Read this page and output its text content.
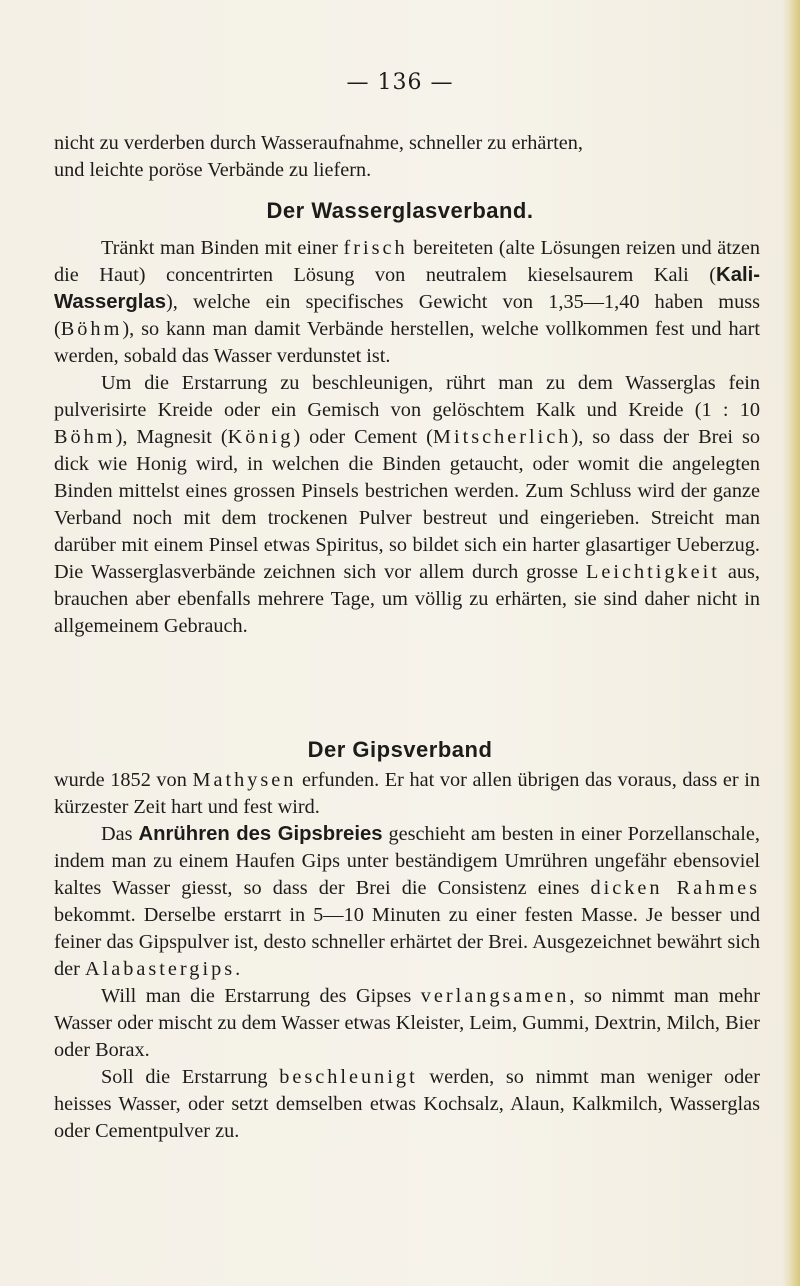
— 136 —

nicht zu verderben durch Wasseraufnahme, schneller zu erhärten,

und leichte poröse Verbände zu liefern.

Der Wasserglasverband.

Tränkt man Binden mit einer frisch bereiteten (alte Lösungen reizen und ätzen die Haut) concentrirten Lösung von neutralem kieselsaurem Kali (Kali-Wasserglas), welche ein specifisches Gewicht von 1,35—1,40 haben muss (Böhm), so kann man damit Verbände herstellen, welche vollkommen fest und hart werden, sobald das Wasser verdunstet ist.

Um die Erstarrung zu beschleunigen, rührt man zu dem Wasserglas fein pulverisirte Kreide oder ein Gemisch von gelöschtem Kalk und Kreide (1 : 10 Böhm), Magnesit (König) oder Cement (Mitscherlich), so dass der Brei so dick wie Honig wird, in welchen die Binden getaucht, oder womit die angelegten Binden mittelst eines grossen Pinsels bestrichen werden. Zum Schluss wird der ganze Verband noch mit dem trockenen Pulver bestreut und eingerieben. Streicht man darüber mit einem Pinsel etwas Spiritus, so bildet sich ein harter glasartiger Ueberzug. Die Wasserglasverbände zeichnen sich vor allem durch grosse Leichtigkeit aus, brauchen aber ebenfalls mehrere Tage, um völlig zu erhärten, sie sind daher nicht in allgemeinem Gebrauch.

Der Gipsverband

wurde 1852 von Mathysen erfunden. Er hat vor allen übrigen das voraus, dass er in kürzester Zeit hart und fest wird.

Das Anrühren des Gipsbreies geschieht am besten in einer Porzellanschale, indem man zu einem Haufen Gips unter beständigem Umrühren ungefähr ebensoviel kaltes Wasser giesst, so dass der Brei die Consistenz eines dicken Rahmes bekommt. Derselbe erstarrt in 5—10 Minuten zu einer festen Masse. Je besser und feiner das Gipspulver ist, desto schneller erhärtet der Brei. Ausgezeichnet bewährt sich der Alabastergips.

Will man die Erstarrung des Gipses verlangsamen, so nimmt man mehr Wasser oder mischt zu dem Wasser etwas Kleister, Leim, Gummi, Dextrin, Milch, Bier oder Borax.

Soll die Erstarrung beschleunigt werden, so nimmt man weniger oder heisses Wasser, oder setzt demselben etwas Kochsalz, Alaun, Kalkmilch, Wasserglas oder Cementpulver zu.
